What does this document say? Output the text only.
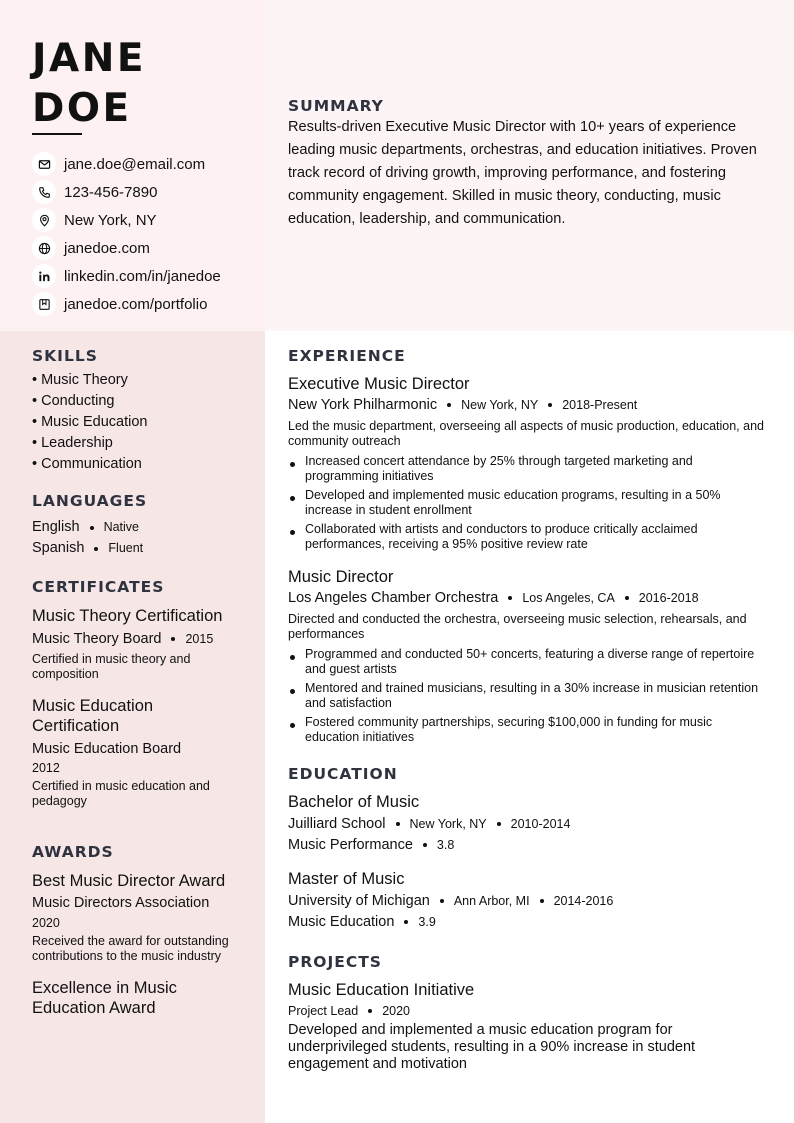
JANE
DOE
jane.doe@email.com
123-456-7890
New York, NY
janedoe.com
linkedin.com/in/janedoe
janedoe.com/portfolio
SUMMARY

Results-driven Executive Music Director with 10+ years of experience leading music departments, orchestras, and education initiatives. Proven track record of driving growth, improving performance, and fostering community engagement. Skilled in music theory, conducting, music education, leadership, and communication.

SKILLS
• Music Theory
• Conducting
• Music Education
• Leadership
• Communication
LANGUAGES
English Native
Spanish Fluent
CERTIFICATES
Music Theory Certification
Music Theory Board 2015
Certified in music theory and composition
Music Education Certification
Music Education Board
2012
Certified in music education and pedagogy
AWARDS
Best Music Director Award
Music Directors Association
2020
Received the award for outstanding contributions to the music industry
Excellence in Music Education Award
EXPERIENCE
Executive Music Director
New York Philharmonic New York, NY 2018-Present
Led the music department, overseeing all aspects of music production, education, and community outreach
Increased concert attendance by 25% through targeted marketing and programming initiatives
Developed and implemented music education programs, resulting in a 50% increase in student enrollment
Collaborated with artists and conductors to produce critically acclaimed performances, receiving a 95% positive review rate
Music Director
Los Angeles Chamber Orchestra Los Angeles, CA 2016-2018
Directed and conducted the orchestra, overseeing music selection, rehearsals, and performances
Programmed and conducted 50+ concerts, featuring a diverse range of repertoire and guest artists
Mentored and trained musicians, resulting in a 30% increase in musician retention and satisfaction
Fostered community partnerships, securing $100,000 in funding for music education initiatives
EDUCATION
Bachelor of Music
Juilliard School New York, NY 2010-2014
Music Performance 3.8
Master of Music
University of Michigan Ann Arbor, MI 2014-2016
Music Education 3.9
PROJECTS
Music Education Initiative
Project Lead 2020
Developed and implemented a music education program for underprivileged students, resulting in a 90% increase in student engagement and motivation
